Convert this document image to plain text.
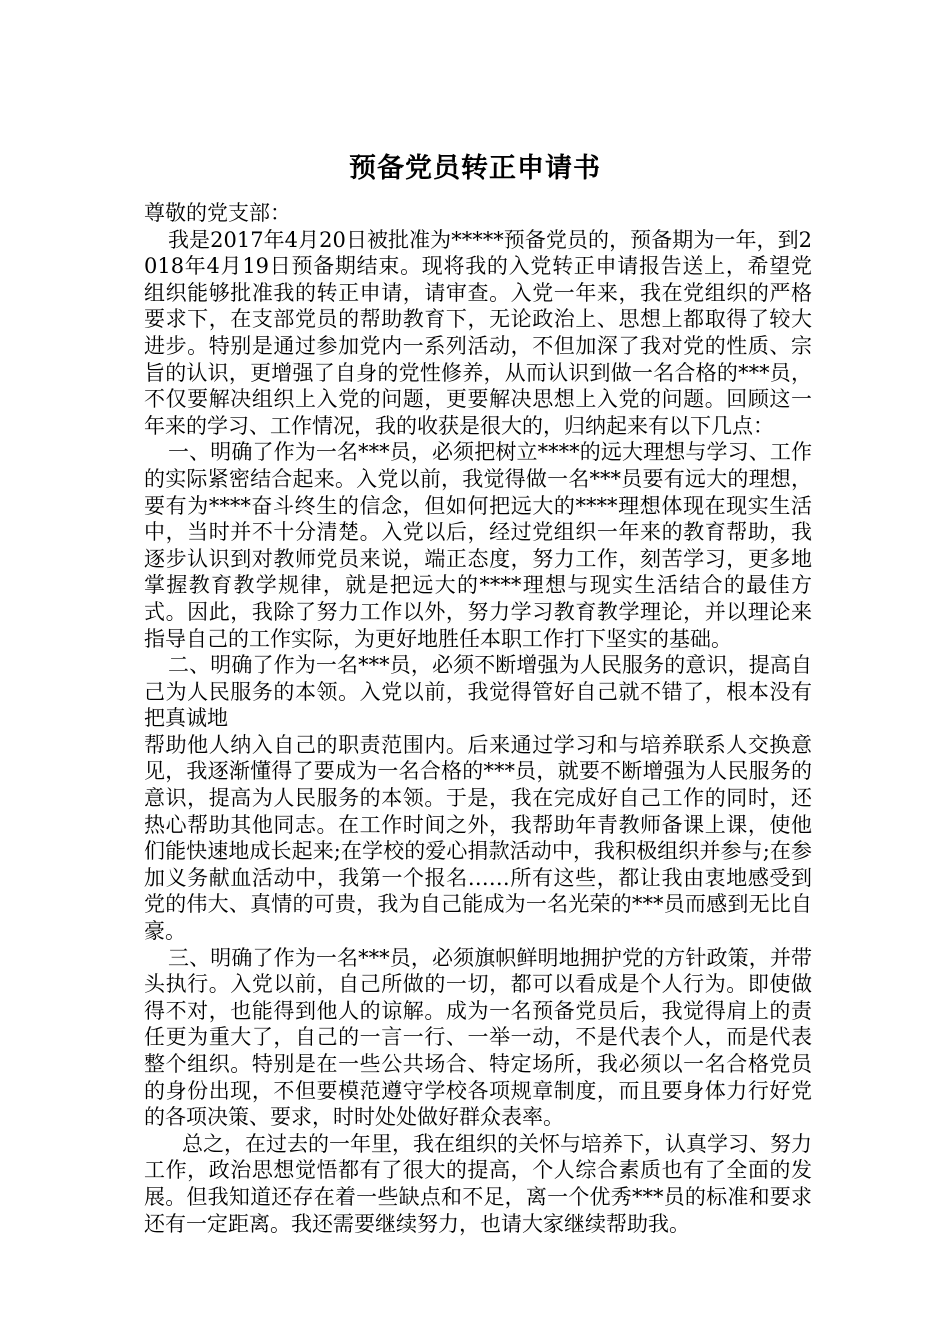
预备党员转正申请书

尊敬的党支部：

我是2017年4月20日被批准为*****预备党员的，预备期为一年，到2018年4月19日预备期结束。现将我的入党转正申请报告送上，希望党组织能够批准我的转正申请，请审查。入党一年来，我在党组织的严格要求下，在支部党员的帮助教育下，无论政治上、思想上都取得了较大进步。特别是通过参加党内一系列活动，不但加深了我对党的性质、宗旨的认识，更增强了自身的党性修养，从而认识到做一名合格的***员，不仅要解决组织上入党的问题，更要解决思想上入党的问题。回顾这一年来的学习、工作情况，我的收获是很大的，归纳起来有以下几点：

一、明确了作为一名***员，必须把树立****的远大理想与学习、工作的实际紧密结合起来。入党以前，我觉得做一名***员要有远大的理想，要有为****奋斗终生的信念，但如何把远大的****理想体现在现实生活中，当时并不十分清楚。入党以后，经过党组织一年来的教育帮助，我逐步认识到对教师党员来说，端正态度，努力工作，刻苦学习，更多地掌握教育教学规律，就是把远大的****理想与现实生活结合的最佳方式。因此，我除了努力工作以外，努力学习教育教学理论，并以理论来指导自己的工作实际，为更好地胜任本职工作打下坚实的基础。

二、明确了作为一名***员，必须不断增强为人民服务的意识，提高自己为人民服务的本领。入党以前，我觉得管好自己就不错了，根本没有把真诚地

帮助他人纳入自己的职责范围内。后来通过学习和与培养联系人交换意见，我逐渐懂得了要成为一名合格的***员，就要不断增强为人民服务的意识，提高为人民服务的本领。于是，我在完成好自己工作的同时，还热心帮助其他同志。在工作时间之外，我帮助年青教师备课上课，使他们能快速地成长起来;在学校的爱心捐款活动中，我积极组织并参与;在参加义务献血活动中，我第一个报名……所有这些，都让我由衷地感受到党的伟大、真情的可贵，我为自己能成为一名光荣的***员而感到无比自豪。

三、明确了作为一名***员，必须旗帜鲜明地拥护党的方针政策，并带头执行。入党以前，自己所做的一切，都可以看成是个人行为。即使做得不对，也能得到他人的谅解。成为一名预备党员后，我觉得肩上的责任更为重大了，自己的一言一行、一举一动，不是代表个人，而是代表整个组织。特别是在一些公共场合、特定场所，我必须以一名合格党员的身份出现，不但要模范遵守学校各项规章制度，而且要身体力行好党的各项决策、要求，时时处处做好群众表率。

总之，在过去的一年里，我在组织的关怀与培养下，认真学习、努力工作，政治思想觉悟都有了很大的提高，个人综合素质也有了全面的发展。但我知道还存在着一些缺点和不足，离一个优秀***员的标准和要求还有一定距离。我还需要继续努力，也请大家继续帮助我。
